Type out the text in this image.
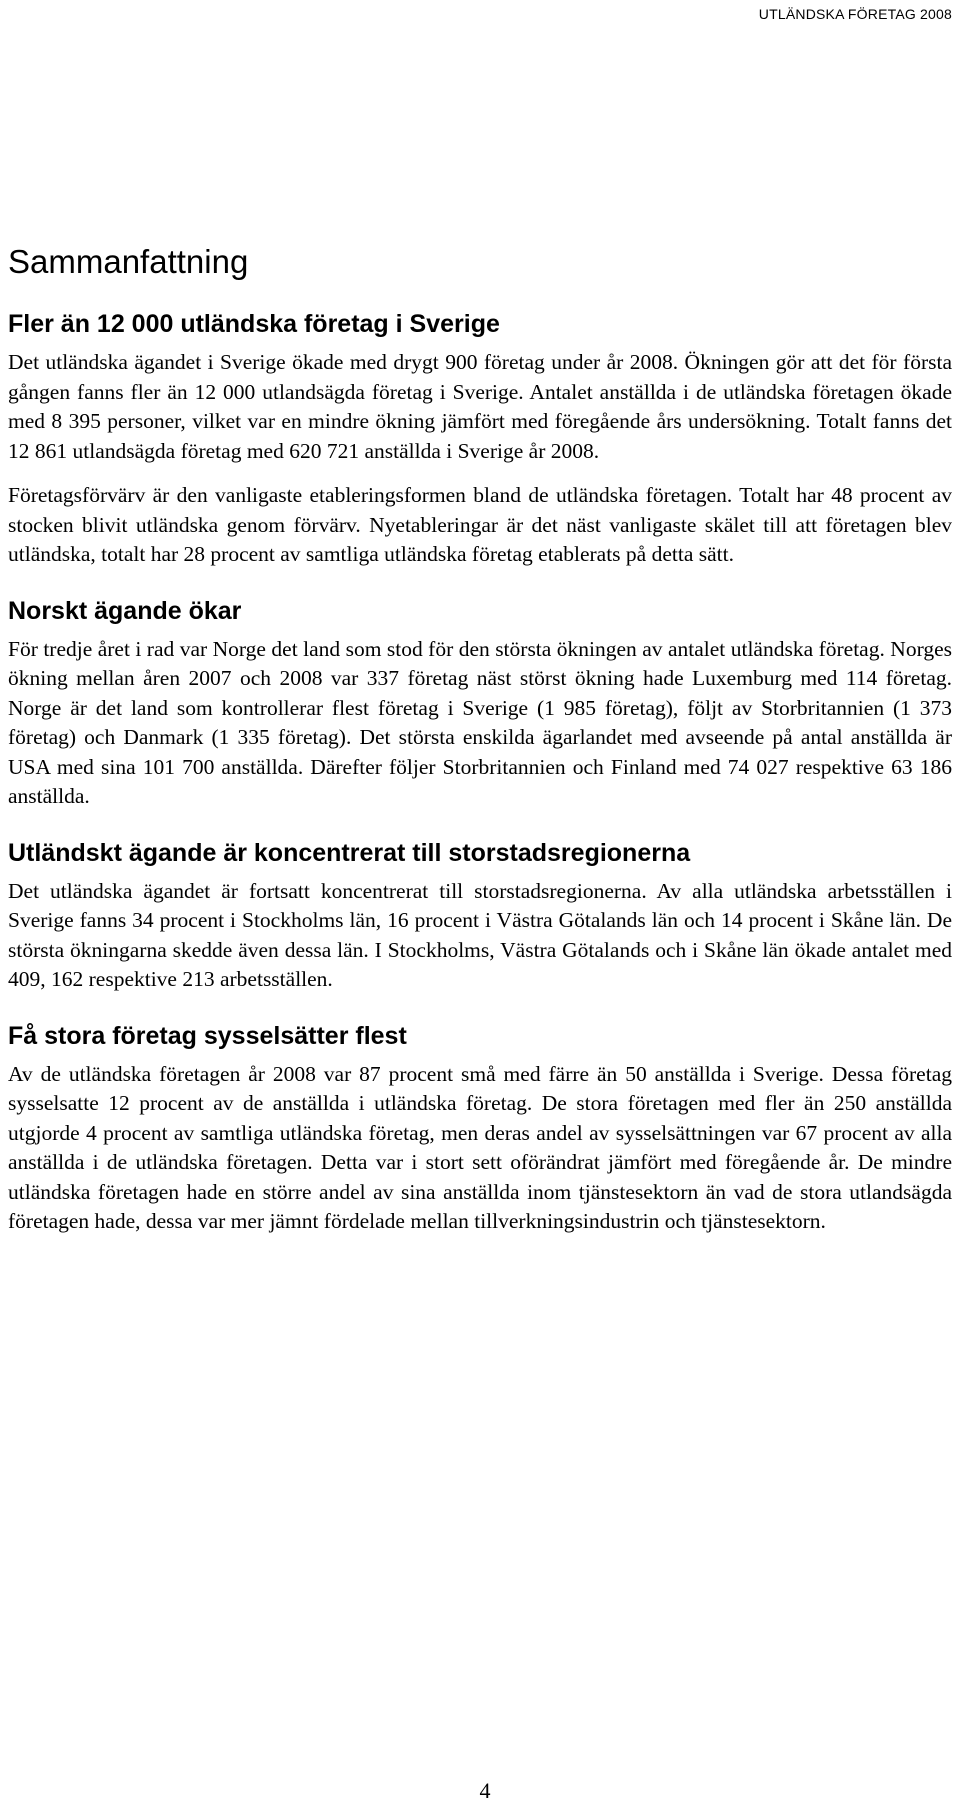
UTLÄNDSKA FÖRETAG 2008
Sammanfattning
Fler än 12 000 utländska företag i Sverige

Det utländska ägandet i Sverige ökade med drygt 900 företag under år 2008. Ökningen gör att det för första gången fanns fler än 12 000 utlandsägda företag i Sverige. Antalet anställda i de utländska företagen ökade med 8 395 personer, vilket var en mindre ökning jämfört med föregående års undersökning. Totalt fanns det 12 861 utlandsägda företag med 620 721 anställda i Sverige år 2008.

Företagsförvärv är den vanligaste etableringsformen bland de utländska företagen. Totalt har 48 procent av stocken blivit utländska genom förvärv. Nyetableringar är det näst vanligaste skälet till att företagen blev utländska, totalt har 28 procent av samtliga utländska företag etablerats på detta sätt.

Norskt ägande ökar

För tredje året i rad var Norge det land som stod för den största ökningen av antalet utländska företag. Norges ökning mellan åren 2007 och 2008 var 337 företag näst störst ökning hade Luxemburg med 114 företag. Norge är det land som kontrollerar flest företag i Sverige (1 985 företag), följt av Storbritannien (1 373 företag) och Danmark (1 335 företag). Det största enskilda ägarlandet med avseende på antal anställda är USA med sina 101 700 anställda. Därefter följer Storbritannien och Finland med 74 027 respektive 63 186 anställda.

Utländskt ägande är koncentrerat till storstadsregionerna

Det utländska ägandet är fortsatt koncentrerat till storstadsregionerna. Av alla utländska arbetsställen i Sverige fanns 34 procent i Stockholms län, 16 procent i Västra Götalands län och 14 procent i Skåne län. De största ökningarna skedde även dessa län. I Stockholms, Västra Götalands och i Skåne län ökade antalet med 409, 162 respektive 213 arbetsställen.

Få stora företag sysselsätter flest

Av de utländska företagen år 2008 var 87 procent små med färre än 50 anställda i Sverige. Dessa företag sysselsatte 12 procent av de anställda i utländska företag. De stora företagen med fler än 250 anställda utgjorde 4 procent av samtliga utländska företag, men deras andel av sysselsättningen var 67 procent av alla anställda i de utländska företagen. Detta var i stort sett oförändrat jämfört med föregående år. De mindre utländska företagen hade en större andel av sina anställda inom tjänstesektorn än vad de stora utlandsägda företagen hade, dessa var mer jämnt fördelade mellan tillverkningsindustrin och tjänstesektorn.

4
